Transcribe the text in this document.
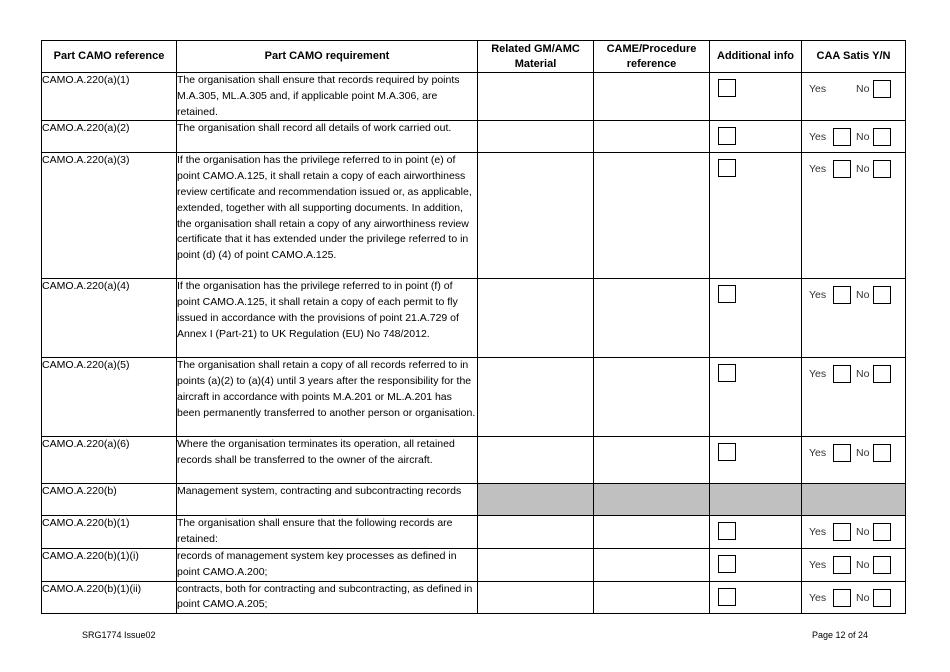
Part CAMO reference	Part CAMO requirement	Related GM/AMC Material	CAME/Procedure reference	Additional info	CAA Satis Y/N
CAMO.A.220(a)(1)	The organisation shall ensure that records required by points M.A.305, ML.A.305 and, if applicable point M.A.306, are retained.				Yes No

CAMO.A.220(a)(2)	The organisation shall record all details of work carried out.				Yes No

CAMO.A.220(a)(3)	If the organisation has the privilege referred to in point (e) of point CAMO.A.125, it shall retain a copy of each airworthiness review certificate and recommendation issued or, as applicable, extended, together with all supporting documents. In addition, the organisation shall retain a copy of any airworthiness review certificate that it has extended under the privilege referred to in point (d) (4) of point CAMO.A.125.				Yes No

CAMO.A.220(a)(4)	If the organisation has the privilege referred to in point (f) of point CAMO.A.125, it shall retain a copy of each permit to fly issued in accordance with the provisions of point 21.A.729 of Annex I (Part-21) to UK Regulation (EU) No 748/2012.				Yes No

CAMO.A.220(a)(5)	The organisation shall retain a copy of all records referred to in points (a)(2) to (a)(4) until 3 years after the responsibility for the aircraft in accordance with points M.A.201 or ML.A.201 has been permanently transferred to another person or organisation.				Yes No

CAMO.A.220(a)(6)	Where the organisation terminates its operation, all retained records shall be transferred to the owner of the aircraft.				Yes No

CAMO.A.220(b)	Management system, contracting and subcontracting records				
CAMO.A.220(b)(1)	The organisation shall ensure that the following records are retained:				Yes No

CAMO.A.220(b)(1)(i)	records of management system key processes as defined in point CAMO.A.200;				Yes No

CAMO.A.220(b)(1)(ii)	contracts, both for contracting and subcontracting, as defined in point CAMO.A.205;				Yes No
SRG1774 Issue02	Page 12 of 24
